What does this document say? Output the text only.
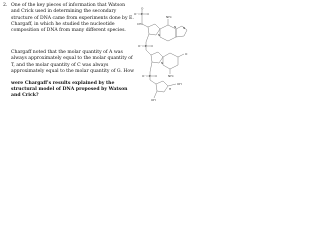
2. One of the key pieces of information that Watson
and Crick used in determining the secondary
structure of DNA came from experiments done by E.
Chargaff, in which he studied the nucleotide
composition of DNA from many different species.

Chargaff noted that the molar quantity of A was
always approximately equal to the molar quantity of
T, and the molar quantity of C was always
approximately equal to the molar quantity of G. How

were Chargaff's results explained by the
structural model of DNA proposed by Watson
and Crick?
O⁻	O
O
P
CH₂
NH₂
N N
N
O⁻ P O
O
NH₂
N
O⁻ P O
OH
OH
H
